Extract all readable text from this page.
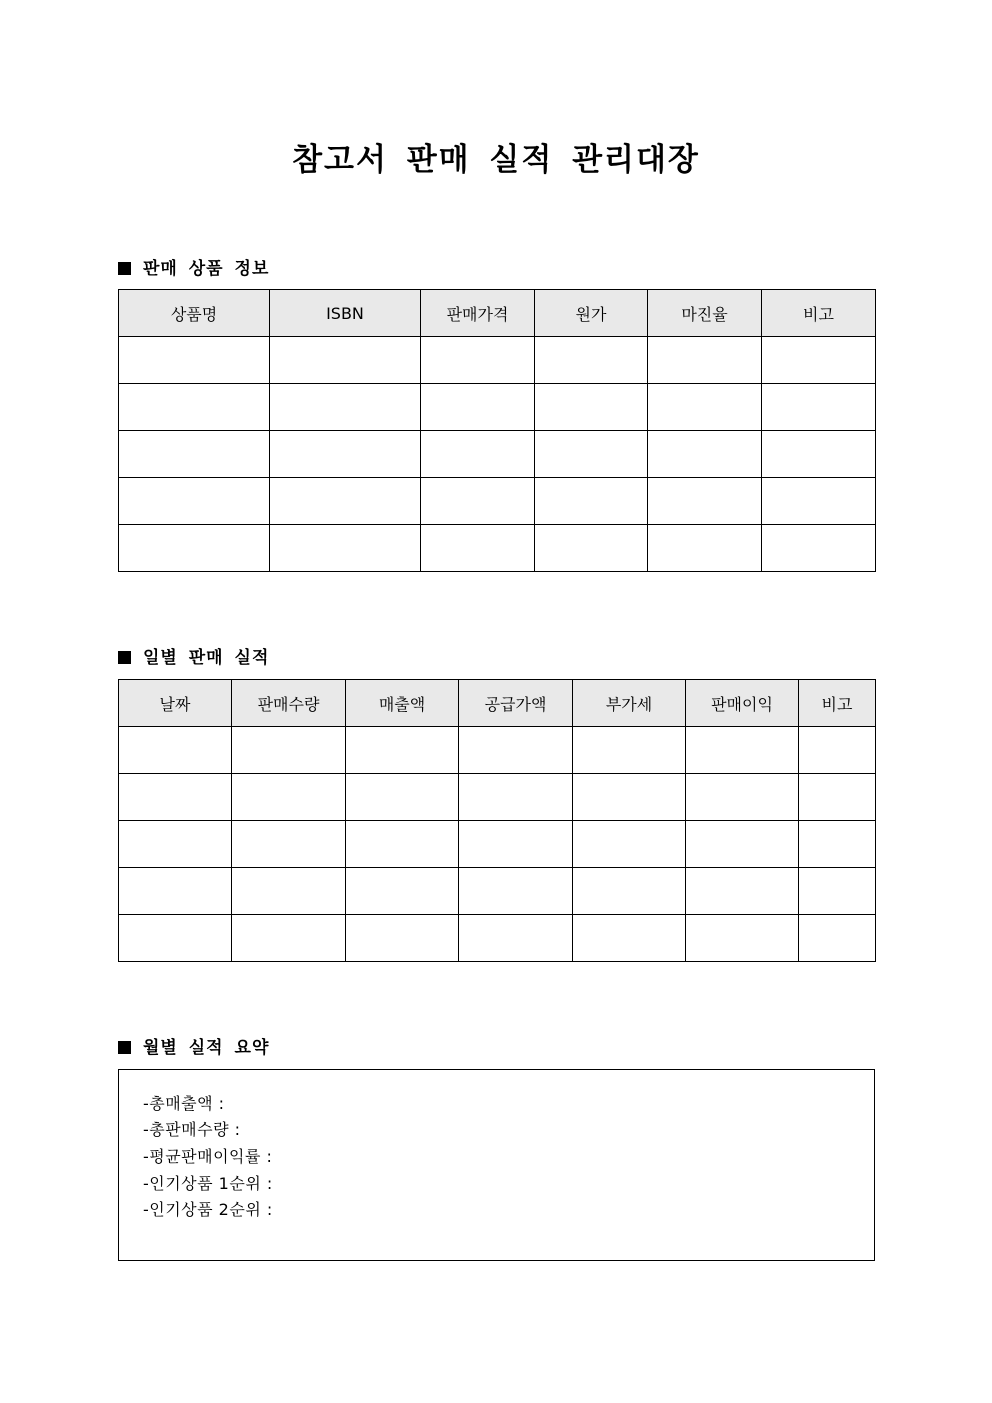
참고서 판매 실적 관리대장
판매 상품 정보
상품명	ISBN	판매가격	원가	마진율	비고

일별 판매 실적
날짜	판매수량	매출액	공급가액	부가세	판매이익	비고

월별 실적 요약
-총매출액 :
-총판매수량 :
-평균판매이익률 :
-인기상품 1순위 :
-인기상품 2순위 :
